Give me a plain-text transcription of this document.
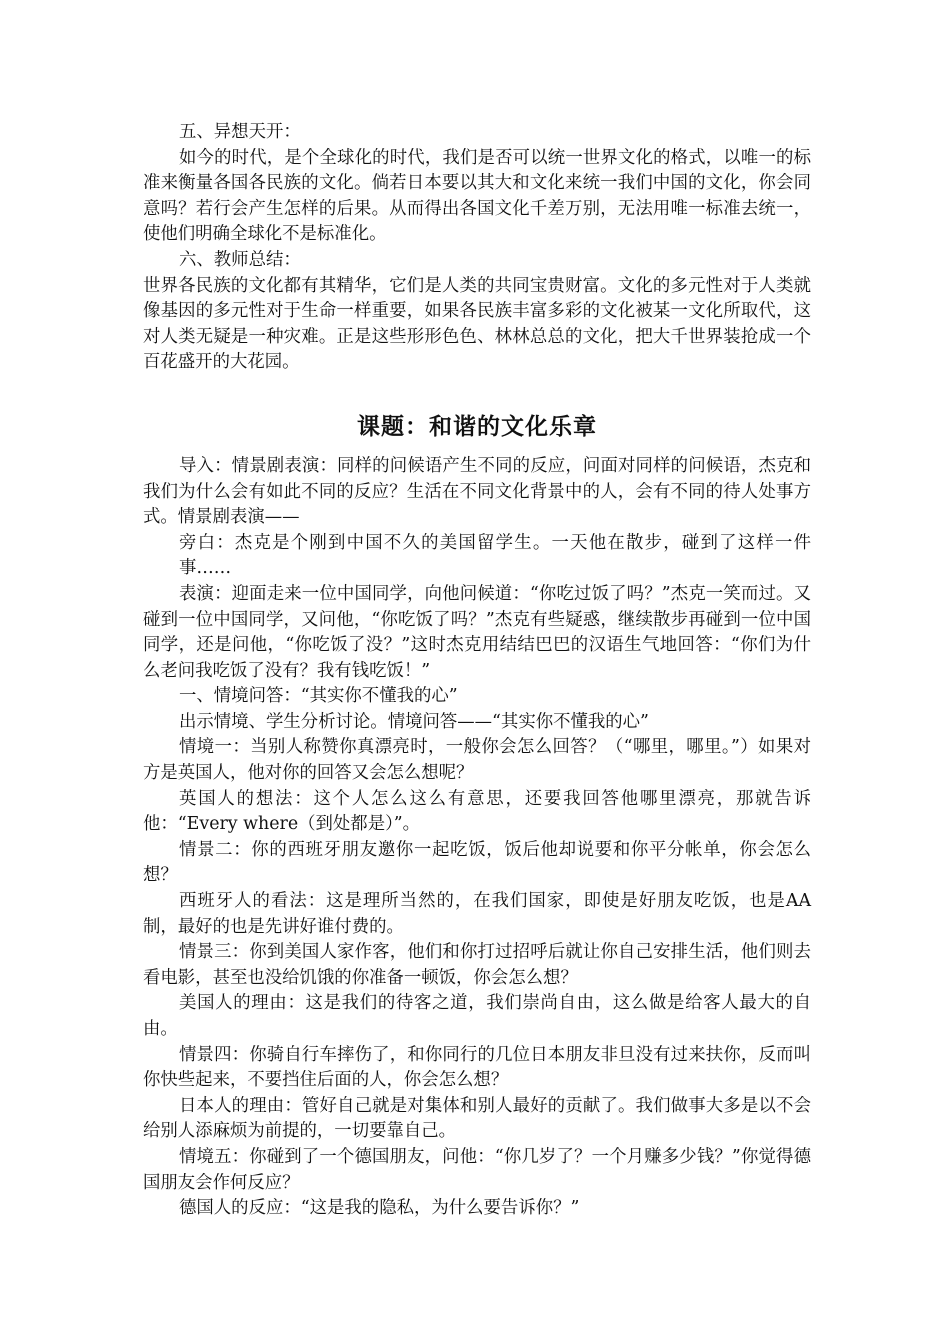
五、异想天开：

如今的时代，是个全球化的时代，我们是否可以统一世界文化的格式，以唯一的标准来衡量各国各民族的文化。倘若日本要以其大和文化来统一我们中国的文化，你会同意吗？若行会产生怎样的后果。从而得出各国文化千差万别，无法用唯一标准去统一，使他们明确全球化不是标准化。

六、教师总结：

世界各民族的文化都有其精华，它们是人类的共同宝贵财富。文化的多元性对于人类就像基因的多元性对于生命一样重要，如果各民族丰富多彩的文化被某一文化所取代，这对人类无疑是一种灾难。正是这些形形色色、林林总总的文化，把大千世界装抢成一个百花盛开的大花园。

课题：和谐的文化乐章

导入：情景剧表演：同样的问候语产生不同的反应，问面对同样的问候语，杰克和我们为什么会有如此不同的反应？生活在不同文化背景中的人，会有不同的待人处事方式。情景剧表演——

旁白：杰克是个刚到中国不久的美国留学生。一天他在散步，碰到了这样一件事……

表演：迎面走来一位中国同学，向他问候道：“你吃过饭了吗？”杰克一笑而过。又碰到一位中国同学，又问他，“你吃饭了吗？”杰克有些疑惑，继续散步再碰到一位中国同学，还是问他，“你吃饭了没？”这时杰克用结结巴巴的汉语生气地回答：“你们为什么老问我吃饭了没有？我有钱吃饭！”

一、情境问答：“其实你不懂我的心”

出示情境、学生分析讨论。情境问答——“其实你不懂我的心”

情境一：当别人称赞你真漂亮时，一般你会怎么回答？（“哪里，哪里。”）如果对方是英国人，他对你的回答又会怎么想呢？

英国人的想法：这个人怎么这么有意思，还要我回答他哪里漂亮，那就告诉他：“Every where（到处都是）”。

情景二：你的西班牙朋友邀你一起吃饭，饭后他却说要和你平分帐单，你会怎么想？

西班牙人的看法：这是理所当然的，在我们国家，即使是好朋友吃饭，也是AA制，最好的也是先讲好谁付费的。

情景三：你到美国人家作客，他们和你打过招呼后就让你自己安排生活，他们则去看电影，甚至也没给饥饿的你准备一顿饭，你会怎么想？

美国人的理由：这是我们的待客之道，我们崇尚自由，这么做是给客人最大的自由。

情景四：你骑自行车摔伤了，和你同行的几位日本朋友非旦没有过来扶你，反而叫你快些起来，不要挡住后面的人，你会怎么想？

日本人的理由：管好自己就是对集体和别人最好的贡献了。我们做事大多是以不会给别人添麻烦为前提的，一切要靠自己。

情境五：你碰到了一个德国朋友，问他：“你几岁了？一个月赚多少钱？”你觉得德国朋友会作何反应？

德国人的反应：“这是我的隐私，为什么要告诉你？”
